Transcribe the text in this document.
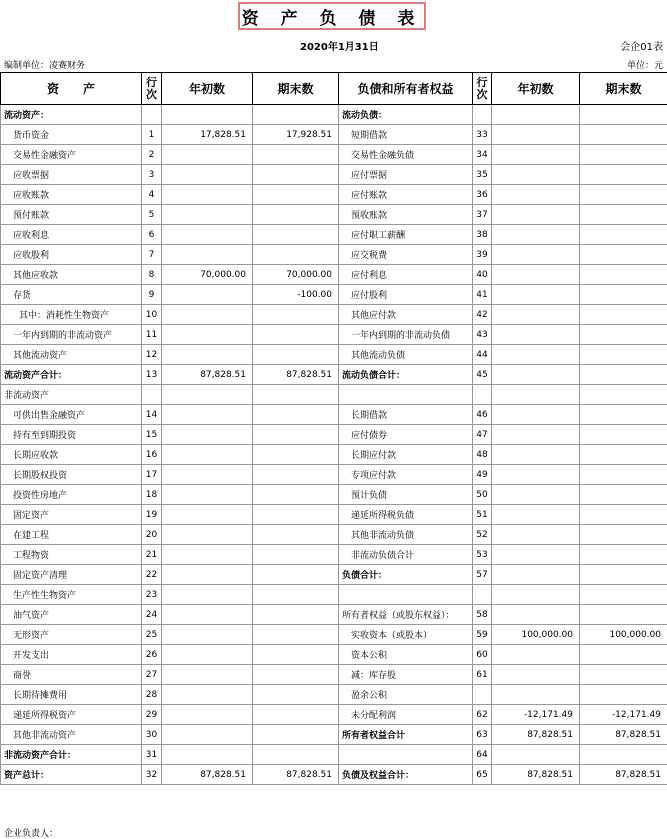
资 产 负 债 表
2020年1月31日	会企01表
编制单位：凌赛财务	单位：元
资　　产	行次	年初数	期末数	负债和所有者权益	行次	年初数	期末数
流动资产：				流动负债：			
货币资金	1	17,828.51	17,928.51	短期借款	33		
交易性金融资产	2			交易性金融负债	34		
应收票据	3			应付票据	35		
应收账款	4			应付账款	36		
预付账款	5			预收账款	37		
应收利息	6			应付职工薪酬	38		
应收股利	7			应交税费	39		
其他应收款	8	70,000.00	70,000.00	应付利息	40		
存货	9		-100.00	应付股利	41		
其中：消耗性生物资产	10			其他应付款	42		
一年内到期的非流动资产	11			一年内到期的非流动负债	43		
其他流动资产	12			其他流动负债	44		
流动资产合计：	13	87,828.51	87,828.51	流动负债合计：	45		
非流动资产							
可供出售金融资产	14			长期借款	46		
持有至到期投资	15			应付债券	47		
长期应收款	16			长期应付款	48		
长期股权投资	17			专项应付款	49		
投资性房地产	18			预计负债	50		
固定资产	19			递延所得税负债	51		
在建工程	20			其他非流动负债	52		
工程物资	21			非流动负债合计	53		
固定资产清理	22			负债合计：	57		
生产性生物资产	23						
油气资产	24			所有者权益（或股东权益）：	58		
无形资产	25			实收资本（或股本）	59	100,000.00	100,000.00
开发支出	26			资本公积	60		
商誉	27			减：库存股	61		
长期待摊费用	28			盈余公积			
递延所得税资产	29			未分配利润	62	-12,171.49	-12,171.49
其他非流动资产	30			所有者权益合计	63	87,828.51	87,828.51
非流动资产合计：	31				64		
资产总计：	32	87,828.51	87,828.51	负债及权益合计：	65	87,828.51	87,828.51
企业负责人：
